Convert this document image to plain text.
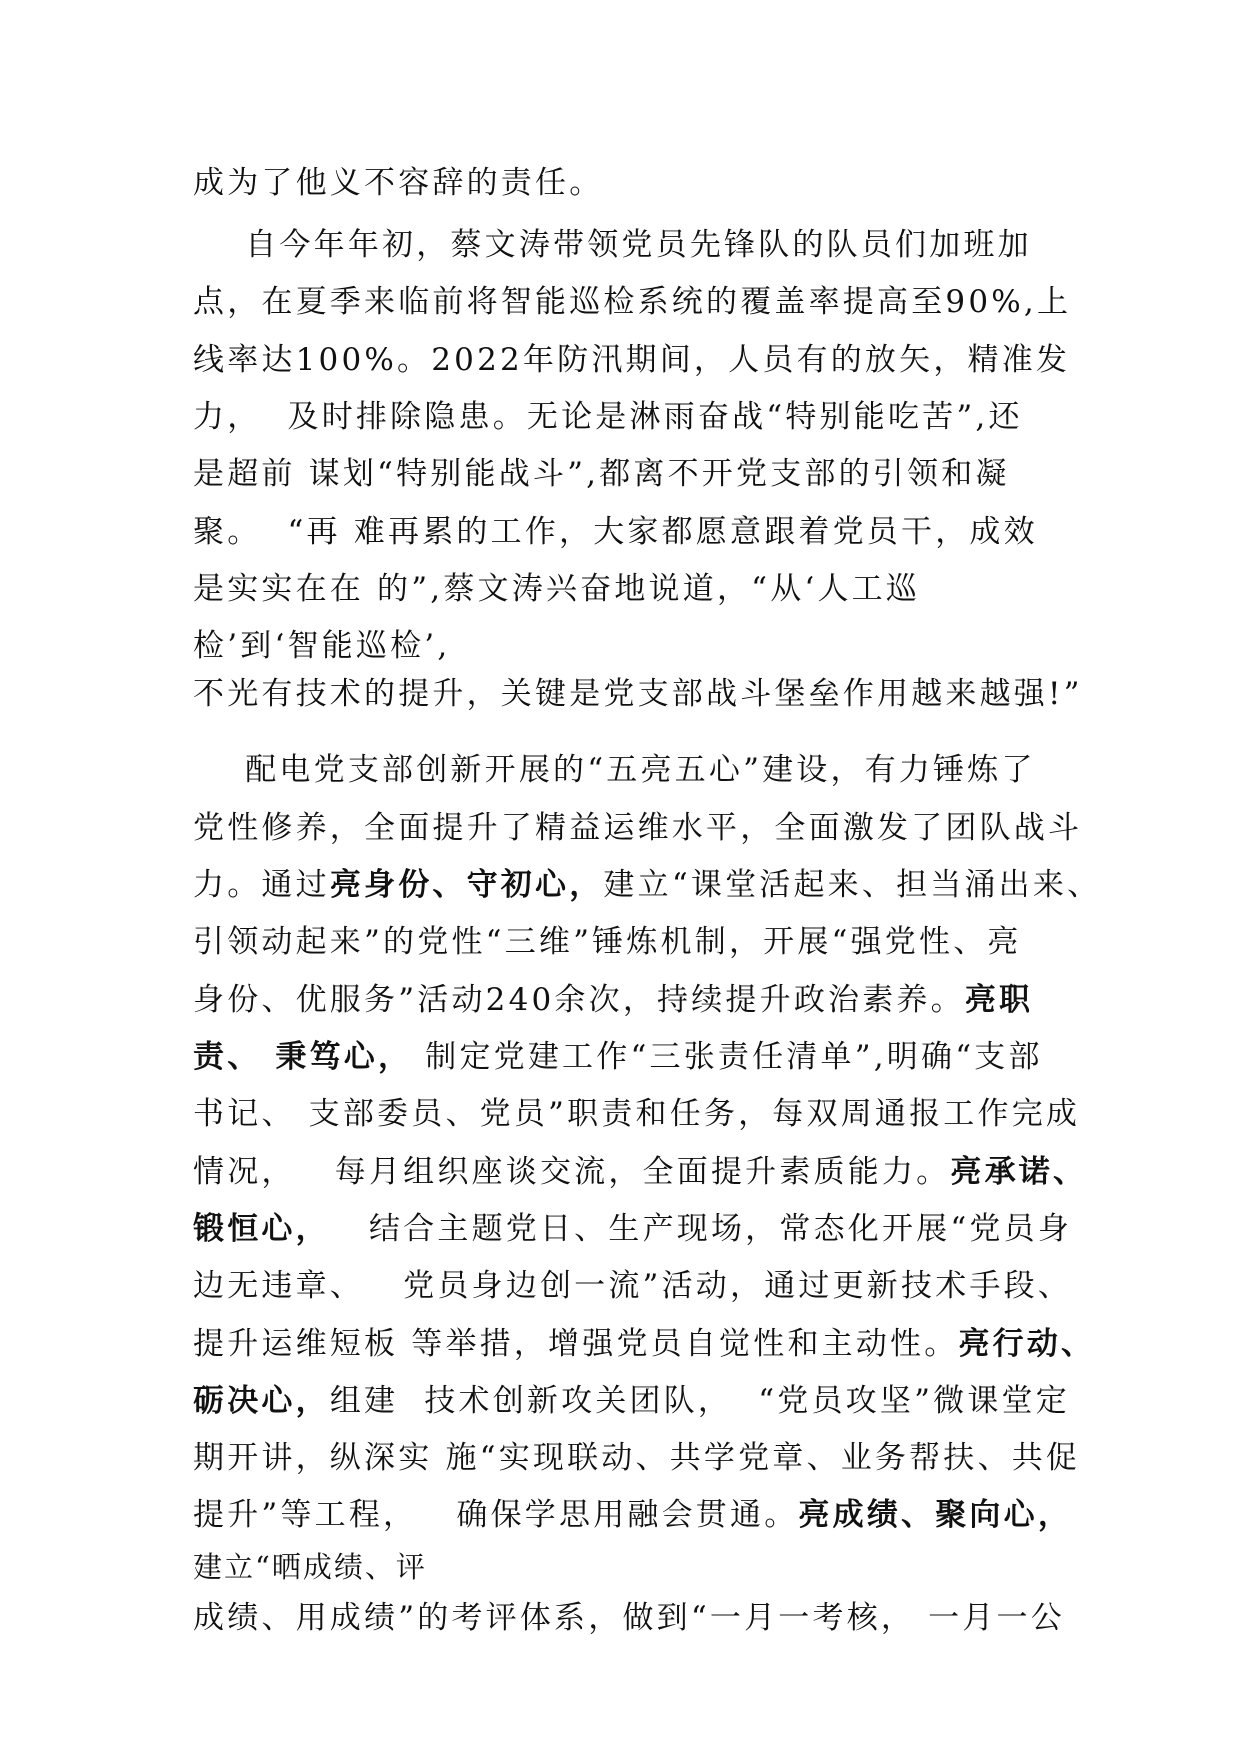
成为了他义不容辞的责任。
自今年年初，蔡文涛带领党员先锋队的队员们加班加
点，在夏季来临前将智能巡检系统的覆盖率提高至90%,上
线率达100%。2022年防汛期间，人员有的放矢，精准发
力，  及时排除隐患。无论是淋雨奋战“特别能吃苦”,还
是超前 谋划“特别能战斗”,都离不开党支部的引领和凝
聚。  “再 难再累的工作，大家都愿意跟着党员干，成效
是实实在在 的”,蔡文涛兴奋地说道，“从‘人工巡
检’到‘智能巡检’,
不光有技术的提升，关键是党支部战斗堡垒作用越来越强!”
配电党支部创新开展的“五亮五心”建设，有力锤炼了
党性修养，全面提升了精益运维水平，全面激发了团队战斗
力。通过亮身份、守初心，建立“课堂活起来、担当涌出来、
引领动起来”的党性“三维”锤炼机制，开展“强党性、亮
身份、优服务”活动240余次，持续提升政治素养。亮职
责、 秉笃心， 制定党建工作“三张责任清单”,明确“支部
书记、 支部委员、党员”职责和任务，每双周通报工作完成
情况，   每月组织座谈交流，全面提升素质能力。亮承诺、
锻恒心，   结合主题党日、生产现场，常态化开展“党员身
边无违章、   党员身边创一流”活动，通过更新技术手段、
提升运维短板 等举措，增强党员自觉性和主动性。亮行动、
砺决心，组建  技术创新攻关团队，  “党员攻坚”微课堂定
期开讲，纵深实 施“实现联动、共学党章、业务帮扶、共促
提升”等工程，   确保学思用融会贯通。亮成绩、聚向心，
建立“晒成绩、评
成绩、用成绩”的考评体系，做到“一月一考核， 一月一公
